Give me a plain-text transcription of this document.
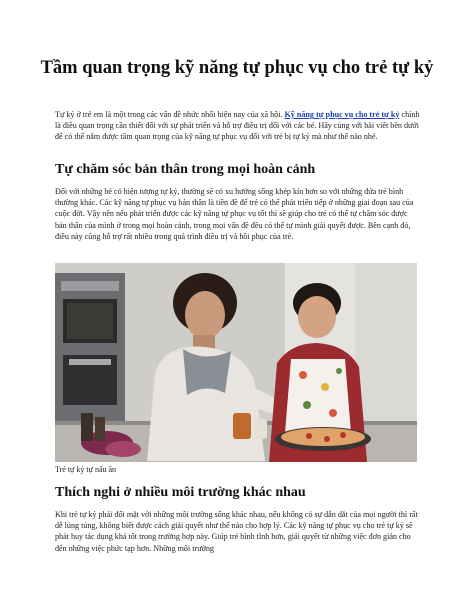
Tầm quan trọng kỹ năng tự phục vụ cho trẻ tự kỷ

Tự kỷ ở trẻ em là một trong các vấn đề nhức nhối hiện nay của xã hội. Kỹ năng tự phục vụ cho trẻ tự kỷ chính là điều quan trọng cần thiết đối với sự phát triển và hỗ trợ điều trị đối với các bé. Hãy cùng với bài viết bên dưới để có thể nắm được tầm quan trọng của kỹ năng tự phục vụ đối với trẻ bị tự kỷ mà như thế nào nhé.

Tự chăm sóc bản thân trong mọi hoàn cảnh

Đối với những bé có hiện tượng tự kỷ, thường sẽ có xu hướng sống khép kín hơn so với những đứa trẻ bình thường khác. Các kỹ năng tự phục vụ bản thân là tiền đề để trẻ có thể phát triển tiếp ở những giai đoạn sau của cuộc đời. Vậy nên nếu phát triển được các kỹ năng tự phục vụ tốt thì sẽ giúp cho trẻ có thể tự chăm sóc được bản thân của mình ở trong mọi hoàn cảnh, trong mọi vấn đề đều có thể tự mình giải quyết được. Bên cạnh đó, điều này cũng hỗ trợ rất nhiều trong quá trình điều trị và hồi phục của trẻ.

Trẻ tự kỷ tự nấu ăn

Thích nghi ở nhiều môi trường khác nhau

Khi trẻ tự kỷ phải đối mặt với những môi trường sống khác nhau, nếu không có sự dẫn dắt của mọi người thì rất dễ lúng túng, không biết được cách giải quyết như thế nào cho hợp lý. Các kỹ năng tự phục vụ cho trẻ tự kỷ sẽ phát huy tác dụng khá tốt trong trường hợp này. Giúp trẻ bình tĩnh hơn, giải quyết từ những việc đơn giản cho đến những việc phức tạp hơn. Những môi trường
